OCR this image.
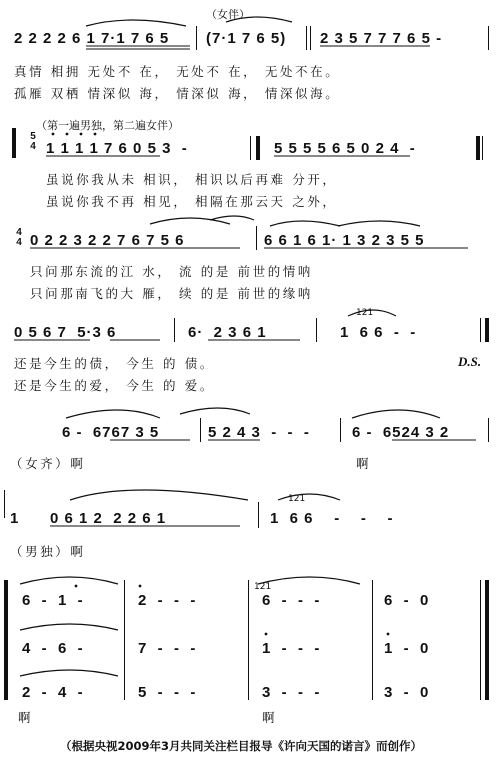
（女伴）
2 2 2 2 6 1 7·1 7 6 5 (7·1 7 6 5) 2 3 5 7 7 7 6 5 -
真情 相拥 无处不 在， 无处不 在， 无处不在。
孤雁 双栖 情深似 海， 情深似 海， 情深似海。
（第一遍男独，第二遍女伴）
5
4 1 1 1 1 7 6 0 5 3  -	5 5 5 5 6 5 0 2 4  -
虽说你我从未 相识， 相识以后再难 分开，
虽说你我不再 相见， 相隔在那云天 之外，
4
4 0 2 2 3 2 2 7 6 7 5 6	6 6 1 6 1· 1 3 2 3 5 5
只问那东流的江 水， 流 的是 前世的情呐
只问那南飞的大 雁， 续 的是 前世的缘呐
0 5 6 7  5·3 6	6·  2 3 6 1
121
1  6 6  -  -
还是今生的债， 今生 的 债。	D.S.
还是今生的爱， 今生 的 爱。
6 -  6767 3 5	5 2 4 3  -  -  -	6 -  6524 3 2
（女齐）啊	啊
1 0 6 1 2  2 2 6 1
121
1  6 6    -    -    -
（男独）啊
121
6  -  1  -	2  -  -  -	6  -  -  -	6  -  0
4  -  6  -	7  -  -  -	1  -  -  -	1  -  0
2  -  4  -	5  -  -  -	3  -  -  -	3  -  0
啊	啊
（根据央视2009年3月共同关注栏目报导《许向天国的诺言》而创作）
